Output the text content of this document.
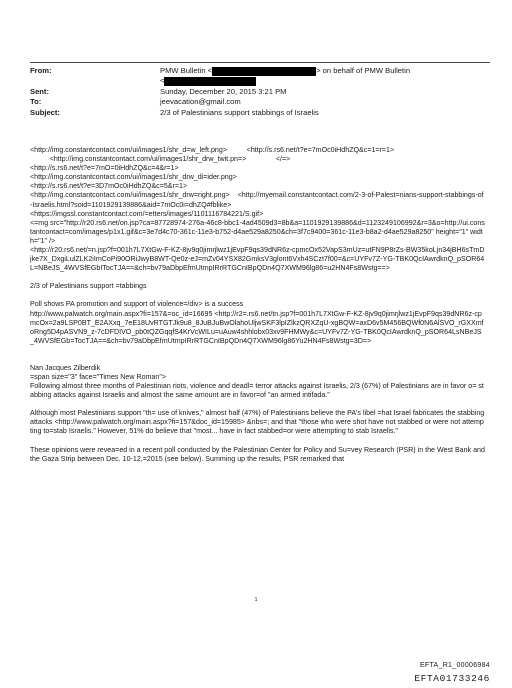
From:	PMW Bulletin <	> on behalf of PMW Bulletin
<
Sent:	Sunday, December 20, 2015 3:21 PM
To:	jeevacation@gmail.com
Subject:	2/3 of Palestinians support stabbings of Israelis

<http://img.constantcontact.com/ui/images1/shr_d=w_left.png>          <http://s.rs6.net/t?e=7mOc0iHdhZQ&c=1=r=1>
<http://img.constantcontact.com/ui/images1/shr_drw_twit.pn=>               </=>
<http://s.rs6.net/t?e=7mO=0iHdhZQ&c=4&r=1>
<http://img.constantcontact.com/ui/images1/shr_drw_di=ider.png>
<http://s.rs6.net/t?e=3D7mOc0iHdhZQ&c=5&r=1>
<http://img.constantcontact.com/ui/images1/shr_drw=right.png>    <http://myemail.constantcontact.com/2-3-of-Palest=nians-support-stabbings-of-Israelis.html?soid=1101929139886&aid=7mOc0i=dhZQ#fblike>
<https://imgssl.constantcontact.com/=etters/images/1101116784221/S.gif>
<=mg src="http://r20.rs6.net/on.jsp?ca=87728974-276a-46c8-bbc1-4ad4509d3=8b&a=1101929139886&d=1123249106992&r=3&o=http://ui.constantcontact=com/images/p1x1.gif&c=3e7d4c70-361c-11e3-b752-d4ae529a8250&ch=3f7c9400=361c-11e3-b8a2-d4ae529a8250" height="1" width="1" />
<http://r20.rs6.net/=n.jsp?f=001h7L7XtGw-F-KZ-8jv9q0jimrjlwz1jEvpF9qs39dNR6z-cpmcOx52VapS3mUz=utFN9P8rZs-BW35koLjn34jBH6sTmDjke7X_DxgiLulZLK2iImCoPi90ORiJwyB8WT-Qe0z-eJ=mZv04YSX82GmksV3glont6Vxh4SCzt7f00=&c=UYFv7Z-YG-TBK0QcIAwrdknQ_pSOR64L=NBeJS_4WVSfEGbITocTJA==&ch=bv79aDbpEfmUtmpIRrRTGCnIBpQDn4Q7XWM96lg86=u2HN4Fs8Wstg==>

2/3 of Palestinians support =tabbings

Poll shows PA promotion and support of violence=/div> is a success
http://www.palwatch.org/main.aspx?fi=157&=oc_id=16695 <http://r2=.rs6.net/tn.jsp?f=001h7L7XtGw-F-KZ-8jv9q0jimrjlwz1jEvpF9qs39dNR6z-cpmcOx=2a9LSP0BT_E2AXxq_7eE18UvRTGTJk9u8_8JuBJuBwOlahoUljwSKF3lpIZlkzQRXZqU-xgBQW=axD6v5M456BQWf0N6AlSVO_rGXXmfoRng5D4pASVN9_z-7cDFDIVO_pb0tQZGqqfS4KrVcWILu=uAuw4shhlobx03xv9FHMWy&c=UYFv7Z-YG-TBK0QcIAwrdknQ_pSOR64LsNBeJS_4WVSfEGb=TocTJA==&ch=bv79aDbpEfmUtmpIRrRTGCnIBpQDn4Q7XWM96lg86Yu2HN4Fs8Wstg=3D=>

Nan Jacques Zilberdik
=span size="3" face="Times New Roman">
Following almost three months of Palestinian riots, violence and deadl= terror attacks against Israelis, 2/3 (67%) of Palestinians are in favor o= stabbing attacks against Israelis and almost the same amount are in favor=of "an armed intifada."

Although most Palestinians support "th= use of knives," almost half (47%) of Palestinians believe the PA's libel =hat Israel fabricates the stabbing attacks <http://www.palwatch.org/main.aspx?fi=157&doc_id=15985> &nbs=; and that "those who were shot have not stabbed or were not attempting to=stab Israelis." However, 51% do believe that "most... have in fact stabbed=or were attempting to stab Israelis."

These opinions were revea=ed in a recent poll conducted by the Palestinian Center for Policy and Su=vey Research (PSR) in the West Bank and the Gaza Strip between Dec. 10-12,=2015 (see below). Summing up the results, PSR remarked that

1
EFTA_R1_00006984
EFTA01733246
